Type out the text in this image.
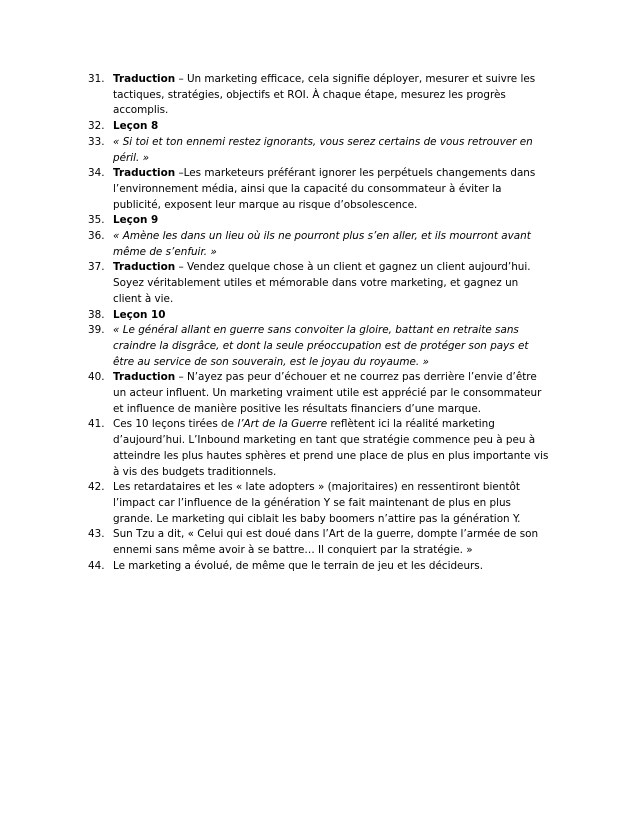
31. Traduction – Un marketing efficace, cela signifie déployer, mesurer et suivre les tactiques, stratégies, objectifs et ROI. À chaque étape, mesurez les progrès accomplis.
32. Leçon 8
33. « Si toi et ton ennemi restez ignorants, vous serez certains de vous retrouver en péril. »
34. Traduction –Les marketeurs préférant ignorer les perpétuels changements dans l’environnement média, ainsi que la capacité du consommateur à éviter la publicité, exposent leur marque au risque d’obsolescence.
35. Leçon 9
36. « Amène les dans un lieu où ils ne pourront plus s’en aller, et ils mourront avant même de s’enfuir. »
37. Traduction – Vendez quelque chose à un client et gagnez un client aujourd’hui. Soyez véritablement utiles et mémorable dans votre marketing, et gagnez un client à vie.
38. Leçon 10
39. « Le général allant en guerre sans convoiter la gloire, battant en retraite sans craindre la disgrâce, et dont la seule préoccupation est de protéger son pays et être au service de son souverain, est le joyau du royaume. »
40. Traduction – N’ayez pas peur d’échouer et ne courrez pas derrière l’envie d’être un acteur influent. Un marketing vraiment utile est apprécié par le consommateur et influence de manière positive les résultats financiers d’une marque.
41. Ces 10 leçons tirées de l’Art de la Guerre reflètent ici la réalité marketing d’aujourd’hui. L’Inbound marketing en tant que stratégie commence peu à peu à atteindre les plus hautes sphères et prend une place de plus en plus importante vis à vis des budgets traditionnels.
42. Les retardataires et les « late adopters » (majoritaires) en ressentiront bientôt l’impact car l’influence de la génération Y se fait maintenant de plus en plus grande. Le marketing qui ciblait les baby boomers n’attire pas la génération Y.
43. Sun Tzu a dit, « Celui qui est doué dans l’Art de la guerre, dompte l’armée de son ennemi sans même avoir à se battre… Il conquiert par la stratégie. »
44. Le marketing a évolué, de même que le terrain de jeu et les décideurs.
